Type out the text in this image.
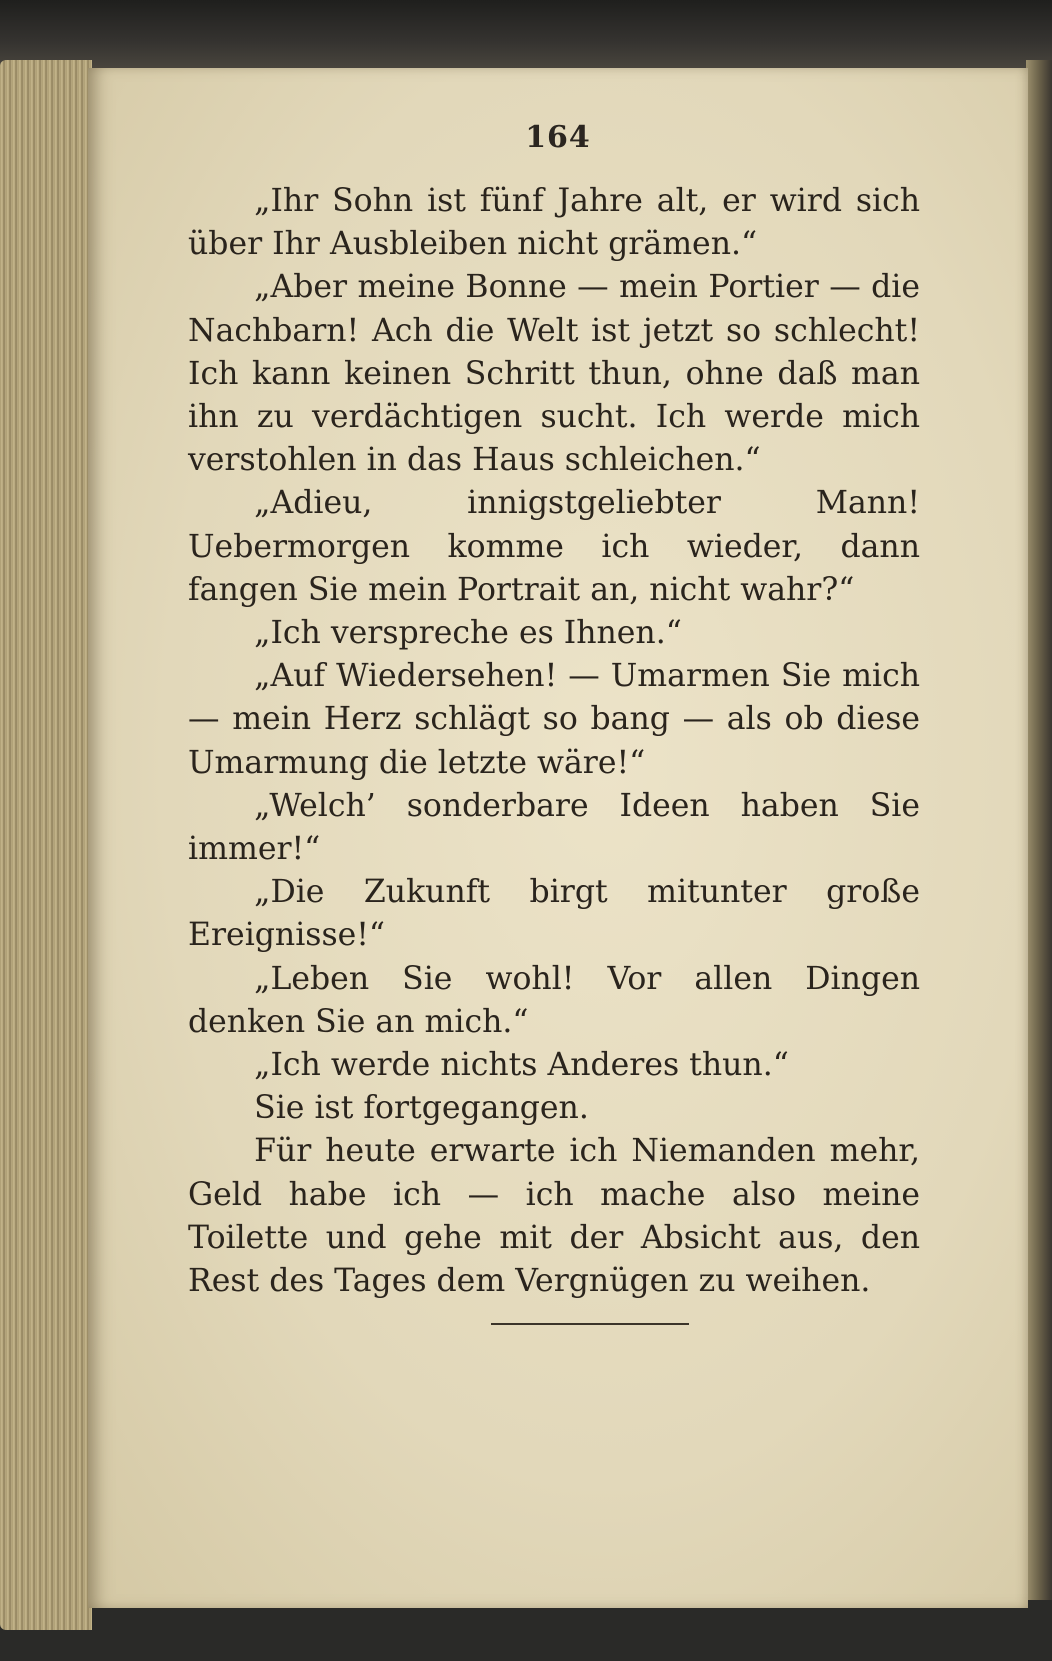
164

„Ihr Sohn ist fünf Jahre alt, er wird sich über Ihr Ausbleiben nicht grämen.“

„Aber meine Bonne — mein Portier — die Nachbarn! Ach die Welt ist jetzt so schlecht! Ich kann keinen Schritt thun, ohne daß man ihn zu verdächtigen sucht. Ich werde mich verstohlen in das Haus schleichen.“

„Adieu, innigstgeliebter Mann! Uebermorgen komme ich wieder, dann fangen Sie mein Portrait an, nicht wahr?“

„Ich verspreche es Ihnen.“

„Auf Wiedersehen! — Umarmen Sie mich — mein Herz schlägt so bang — als ob diese Umarmung die letzte wäre!“

„Welch’ sonderbare Ideen haben Sie immer!“

„Die Zukunft birgt mitunter große Ereignisse!“

„Leben Sie wohl! Vor allen Dingen denken Sie an mich.“

„Ich werde nichts Anderes thun.“

Sie ist fortgegangen.

Für heute erwarte ich Niemanden mehr, Geld habe ich — ich mache also meine Toilette und gehe mit der Absicht aus, den Rest des Tages dem Vergnügen zu weihen.
